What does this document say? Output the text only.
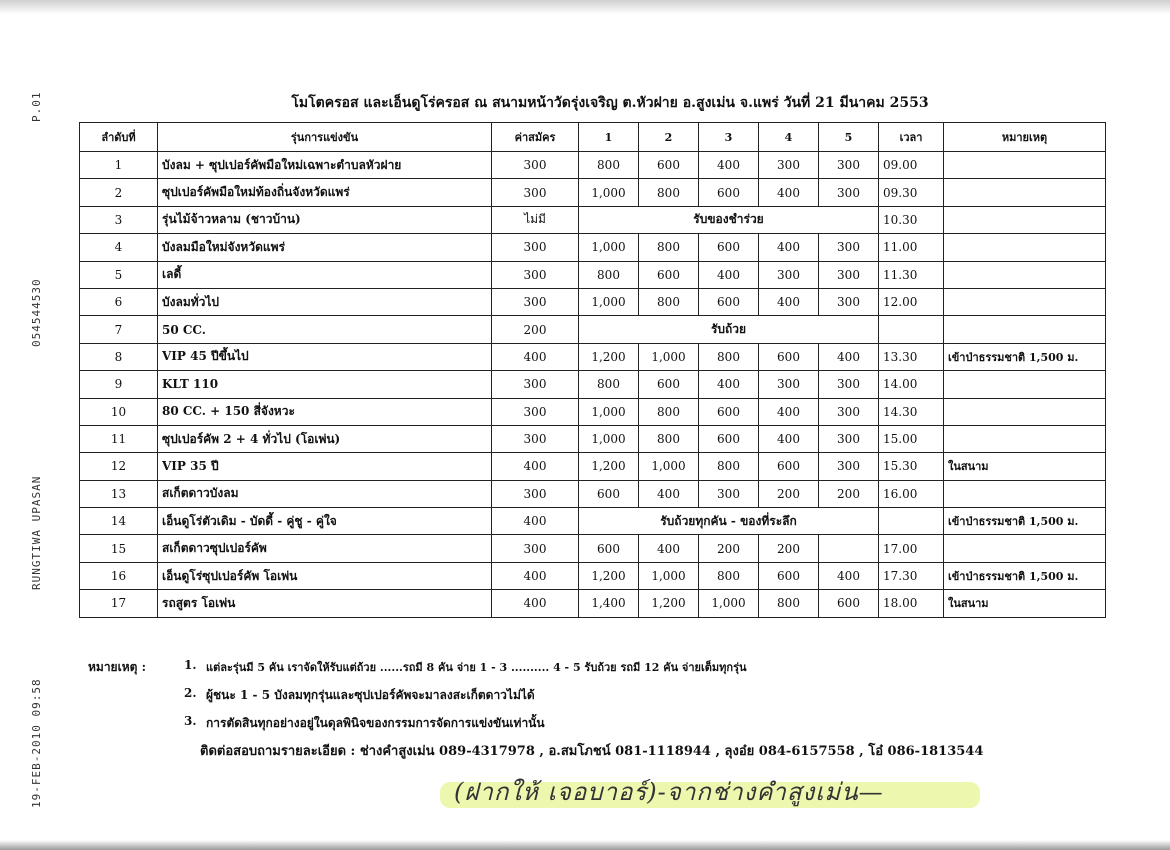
P.01
054544530
RUNGTIWA UPASAN
19-FEB-2010 09:58
โมโตครอส และเอ็นดูโร่ครอส ณ สนามหน้าวัดรุ่งเจริญ ต.หัวฝาย อ.สูงเม่น จ.แพร่ วันที่ 21 มีนาคม 2553
ลำดับที่	รุ่นการแข่งขัน	ค่าสมัคร	1	2	3	4	5	เวลา	หมายเหตุ
1	บังลม + ซุปเปอร์คัพมือใหม่เฉพาะตำบลหัวฝาย	300	800	600	400	300	300	09.00	
2	ซุปเปอร์คัพมือใหม่ท้องถิ่นจังหวัดแพร่	300	1,000	800	600	400	300	09.30	
3	รุ่นไม้จ้าวหลาม (ชาวบ้าน)	ไม่มี	รับของชำร่วย					10.30	
4	บังลมมือใหม่จังหวัดแพร่	300	1,000	800	600	400	300	11.00	
5	เลดี้	300	800	600	400	300	300	11.30	
6	บังลมทั่วไป	300	1,000	800	600	400	300	12.00	
7	50 CC.	200	รับถ้วย						
8	VIP 45 ปีขึ้นไป	400	1,200	1,000	800	600	400	13.30	เข้าป่าธรรมชาติ 1,500 ม.
9	KLT 110	300	800	600	400	300	300	14.00	
10	80 CC. + 150 สี่จังหวะ	300	1,000	800	600	400	300	14.30	
11	ซุปเปอร์คัพ 2 + 4 ทั่วไป (โอเพ่น)	300	1,000	800	600	400	300	15.00	
12	VIP 35 ปี	400	1,200	1,000	800	600	300	15.30	ในสนาม
13	สเก็ตดาวบังลม	300	600	400	300	200	200	16.00	
14	เอ็นดูโร่ตัวเดิม - บัดดี้ - คู่ชู - คู่ใจ	400	รับถ้วยทุกคัน - ของที่ระลึก						เข้าป่าธรรมชาติ 1,500 ม.
15	สเก็ตดาวซุปเปอร์คัพ	300	600	400	200	200		17.00	
16	เอ็นดูโร่ซุปเปอร์คัพ โอเพ่น	400	1,200	1,000	800	600	400	17.30	เข้าป่าธรรมชาติ 1,500 ม.
17	รถสูตร โอเพ่น	400	1,400	1,200	1,000	800	600	18.00	ในสนาม
หมายเหตุ :	1. แต่ละรุ่นมี 5 คัน เราจัดให้รับแต่ถ้วย ......รถมี 8 คัน จ่าย 1 - 3 .......... 4 - 5 รับถ้วย รถมี 12 คัน จ่ายเต็มทุกรุ่น
2. ผู้ชนะ 1 - 5 บังลมทุกรุ่นและซุปเปอร์คัพจะมาลงสะเก็ตดาวไม่ได้
3. การตัดสินทุกอย่างอยู่ในดุลพินิจของกรรมการจัดการแข่งขันเท่านั้น
ติดต่อสอบถามรายละเอียด : ช่างคำสูงเม่น 089-4317978 , อ.สมโภชน์ 081-1118944 , ลุงอ๋ย 084-6157558 , โอ๋ 086-1813544
(ฝากให้ เจอบาอร์)-จากช่างคำสูงเม่น—
